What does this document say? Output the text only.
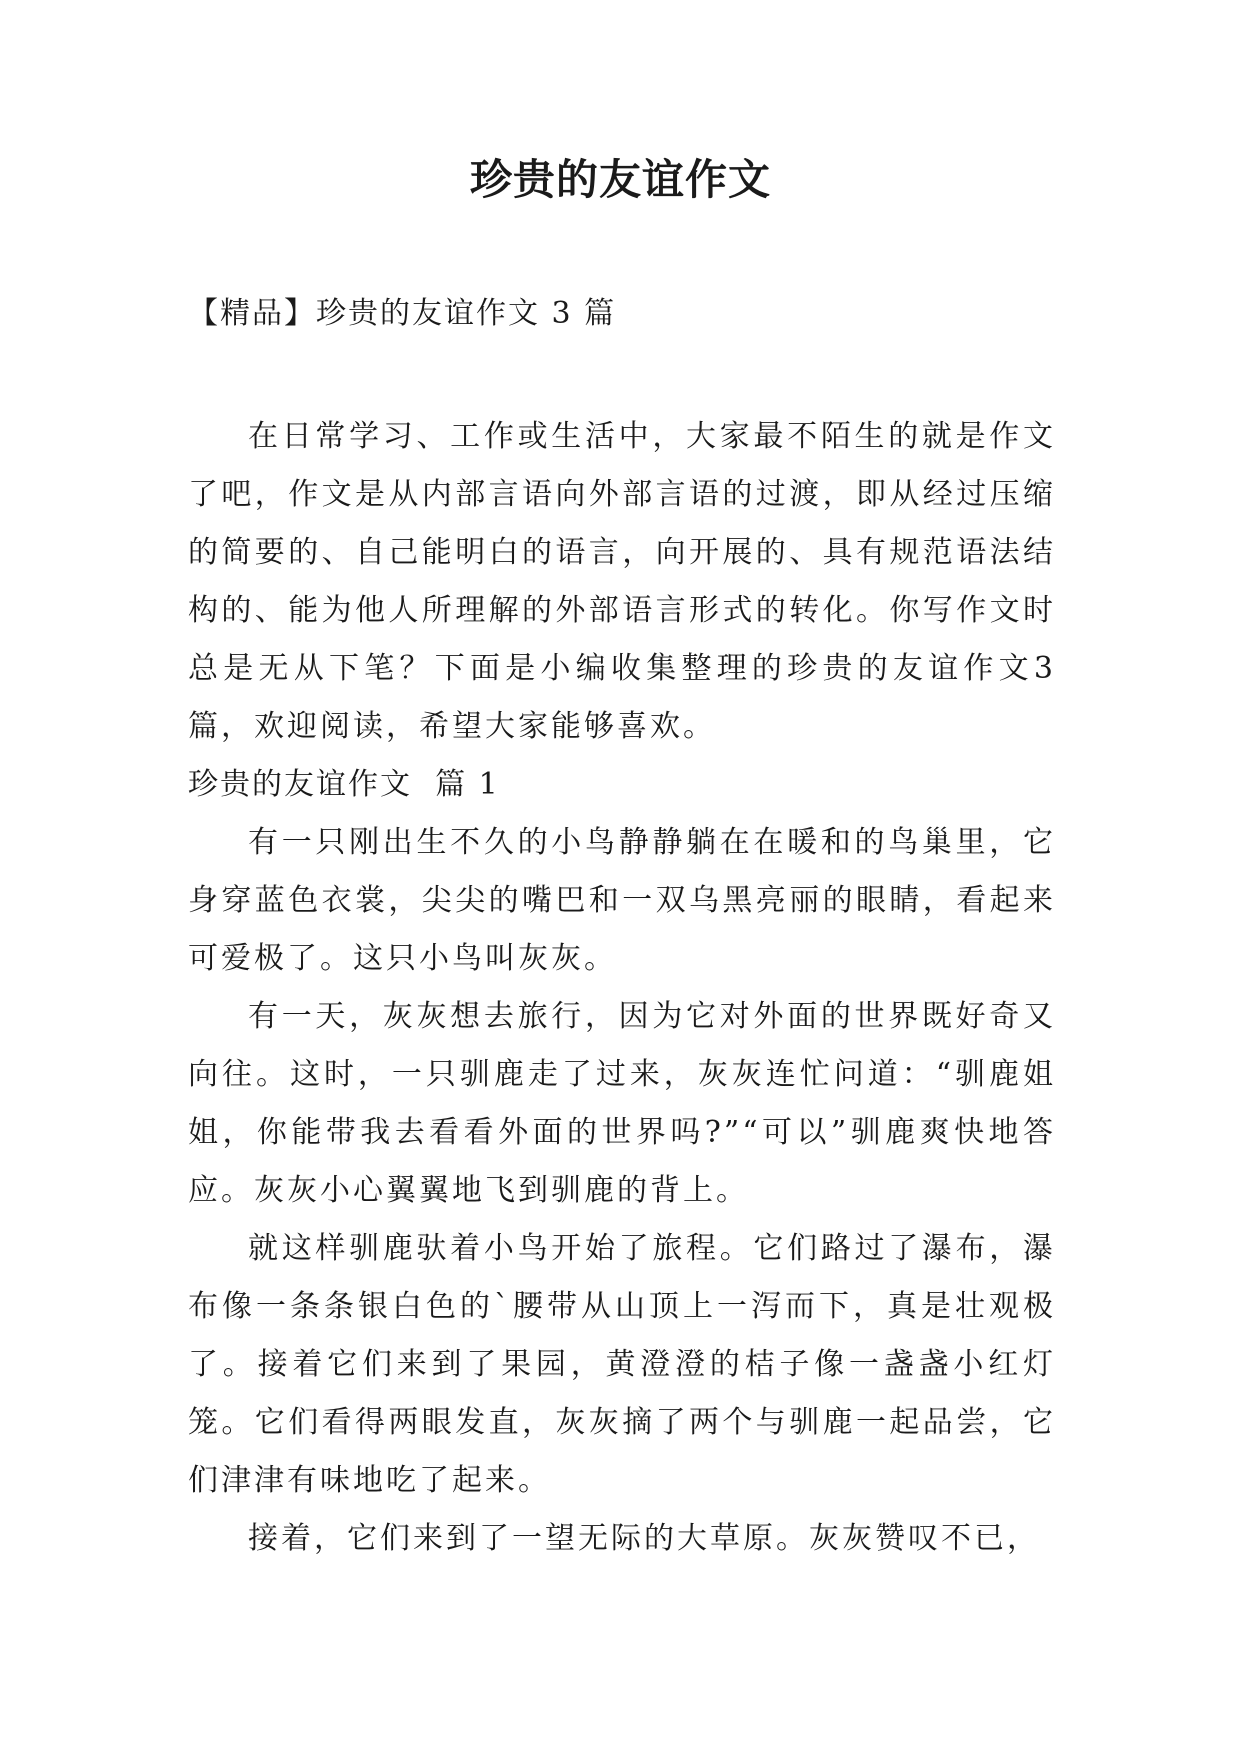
珍贵的友谊作文

【精品】珍贵的友谊作文 3 篇

在日常学习、工作或生活中，大家最不陌生的就是作文了吧，作文是从内部言语向外部言语的过渡，即从经过压缩的简要的、自己能明白的语言，向开展的、具有规范语法结构的、能为他人所理解的外部语言形式的转化。你写作文时总是无从下笔？下面是小编收集整理的珍贵的友谊作文3篇，欢迎阅读，希望大家能够喜欢。

珍贵的友谊作文  篇 1

有一只刚出生不久的小鸟静静躺在在暖和的鸟巢里，它身穿蓝色衣裳，尖尖的嘴巴和一双乌黑亮丽的眼睛，看起来可爱极了。这只小鸟叫灰灰。

有一天，灰灰想去旅行，因为它对外面的世界既好奇又向往。这时，一只驯鹿走了过来，灰灰连忙问道：“驯鹿姐姐，你能带我去看看外面的世界吗?”“可以”驯鹿爽快地答应。灰灰小心翼翼地飞到驯鹿的背上。

就这样驯鹿驮着小鸟开始了旅程。它们路过了瀑布，瀑布像一条条银白色的`腰带从山顶上一泻而下，真是壮观极了。接着它们来到了果园，黄澄澄的桔子像一盏盏小红灯笼。它们看得两眼发直，灰灰摘了两个与驯鹿一起品尝，它们津津有味地吃了起来。

接着，它们来到了一望无际的大草原。灰灰赞叹不已，
